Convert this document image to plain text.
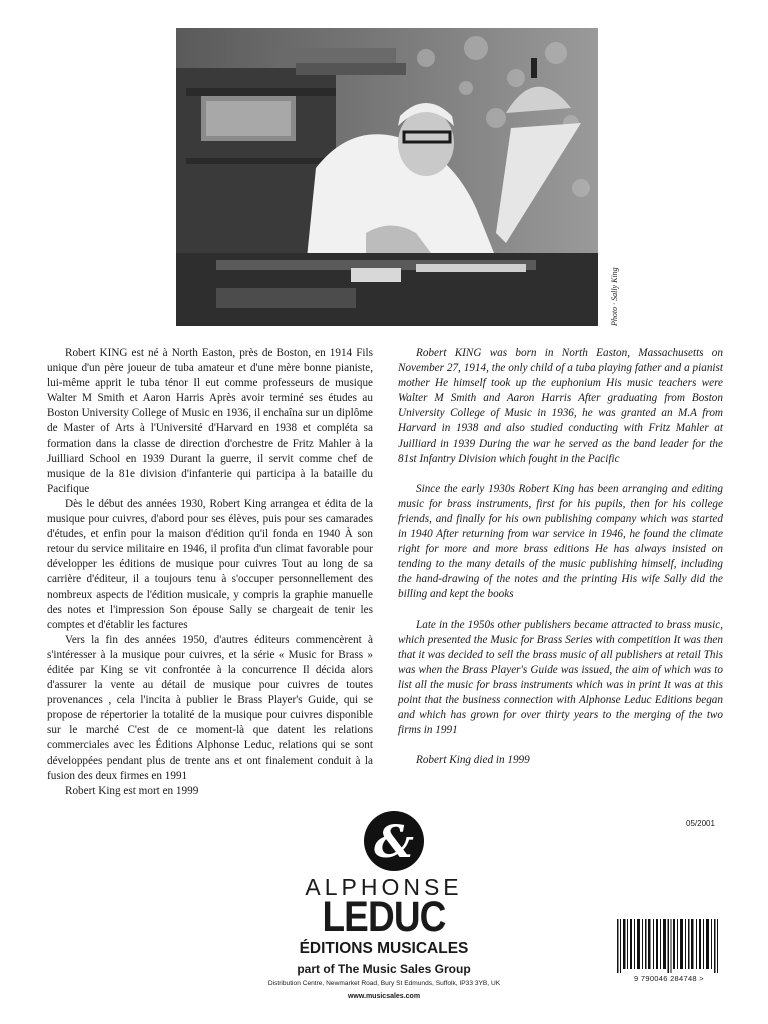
Photo · Sally King

Robert KING est né à North Easton, près de Boston, en 1914 Fils unique d'un père joueur de tuba amateur et d'une mère bonne pianiste, lui-même apprit le tuba ténor Il eut comme professeurs de musique Walter M Smith et Aaron Harris Après avoir terminé ses études au Boston University College of Music en 1936, il enchaîna sur un diplôme de Master of Arts à l'Université d'Harvard en 1938 et compléta sa formation dans la classe de direction d'orchestre de Fritz Mahler à la Juilliard School en 1939 Durant la guerre, il servit comme chef de musique de la 81e division d'infanterie qui participa à la bataille du Pacifique

Dès le début des années 1930, Robert King arrangea et édita de la musique pour cuivres, d'abord pour ses élèves, puis pour ses camarades d'études, et enfin pour la maison d'édition qu'il fonda en 1940 À son retour du service militaire en 1946, il profita d'un climat favorable pour développer les éditions de musique pour cuivres Tout au long de sa carrière d'éditeur, il a toujours tenu à s'occuper personnellement des nombreux aspects de l'édition musicale, y compris la graphie manuelle des notes et l'impression Son épouse Sally se chargeait de tenir les comptes et d'établir les factures

Vers la fin des années 1950, d'autres éditeurs commencèrent à s'intéresser à la musique pour cuivres, et la série « Music for Brass » éditée par King se vit confrontée à la concurrence Il décida alors d'assurer la vente au détail de musique pour cuivres de toutes provenances , cela l'incita à publier le Brass Player's Guide, qui se propose de répertorier la totalité de la musique pour cuivres disponible sur le marché C'est de ce moment-là que datent les relations commerciales avec les Éditions Alphonse Leduc, relations qui se sont développées pendant plus de trente ans et ont finalement conduit à la fusion des deux firmes en 1991

Robert King est mort en 1999

Robert KING was born in North Easton, Massachusetts on November 27, 1914, the only child of a tuba playing father and a pianist mother He himself took up the euphonium His music teachers were Walter M Smith and Aaron Harris After graduating from Boston University College of Music in 1936, he was granted an M.A from Harvard in 1938 and also studied conducting with Fritz Mahler at Juilliard in 1939 During the war he served as the band leader for the 81st Infantry Division which fought in the Pacific

Since the early 1930s Robert King has been arranging and editing music for brass instruments, first for his pupils, then for his college friends, and finally for his own publishing company which was started in 1940 After returning from war service in 1946, he found the climate right for more and more brass editions He has always insisted on tending to the many details of the music publishing himself, including the hand-drawing of the notes and the printing His wife Sally did the billing and kept the books

Late in the 1950s other publishers became attracted to brass music, which presented the Music for Brass Series with competition It was then that it was decided to sell the brass music of all publishers at retail This was when the Brass Player's Guide was issued, the aim of which was to list all the music for brass instruments which was in print It was at this point that the business connection with Alphonse Leduc Editions began and which has grown for over thirty years to the merging of the two firms in 1991

Robert King died in 1999

05/2001
&
ALPHONSE
LEDUC
ÉDITIONS MUSICALES
part of The Music Sales Group
Distribution Centre, Newmarket Road, Bury St Edmunds, Suffolk, IP33 3YB, UK
www.musicsales.com
9 790046 284748 >
